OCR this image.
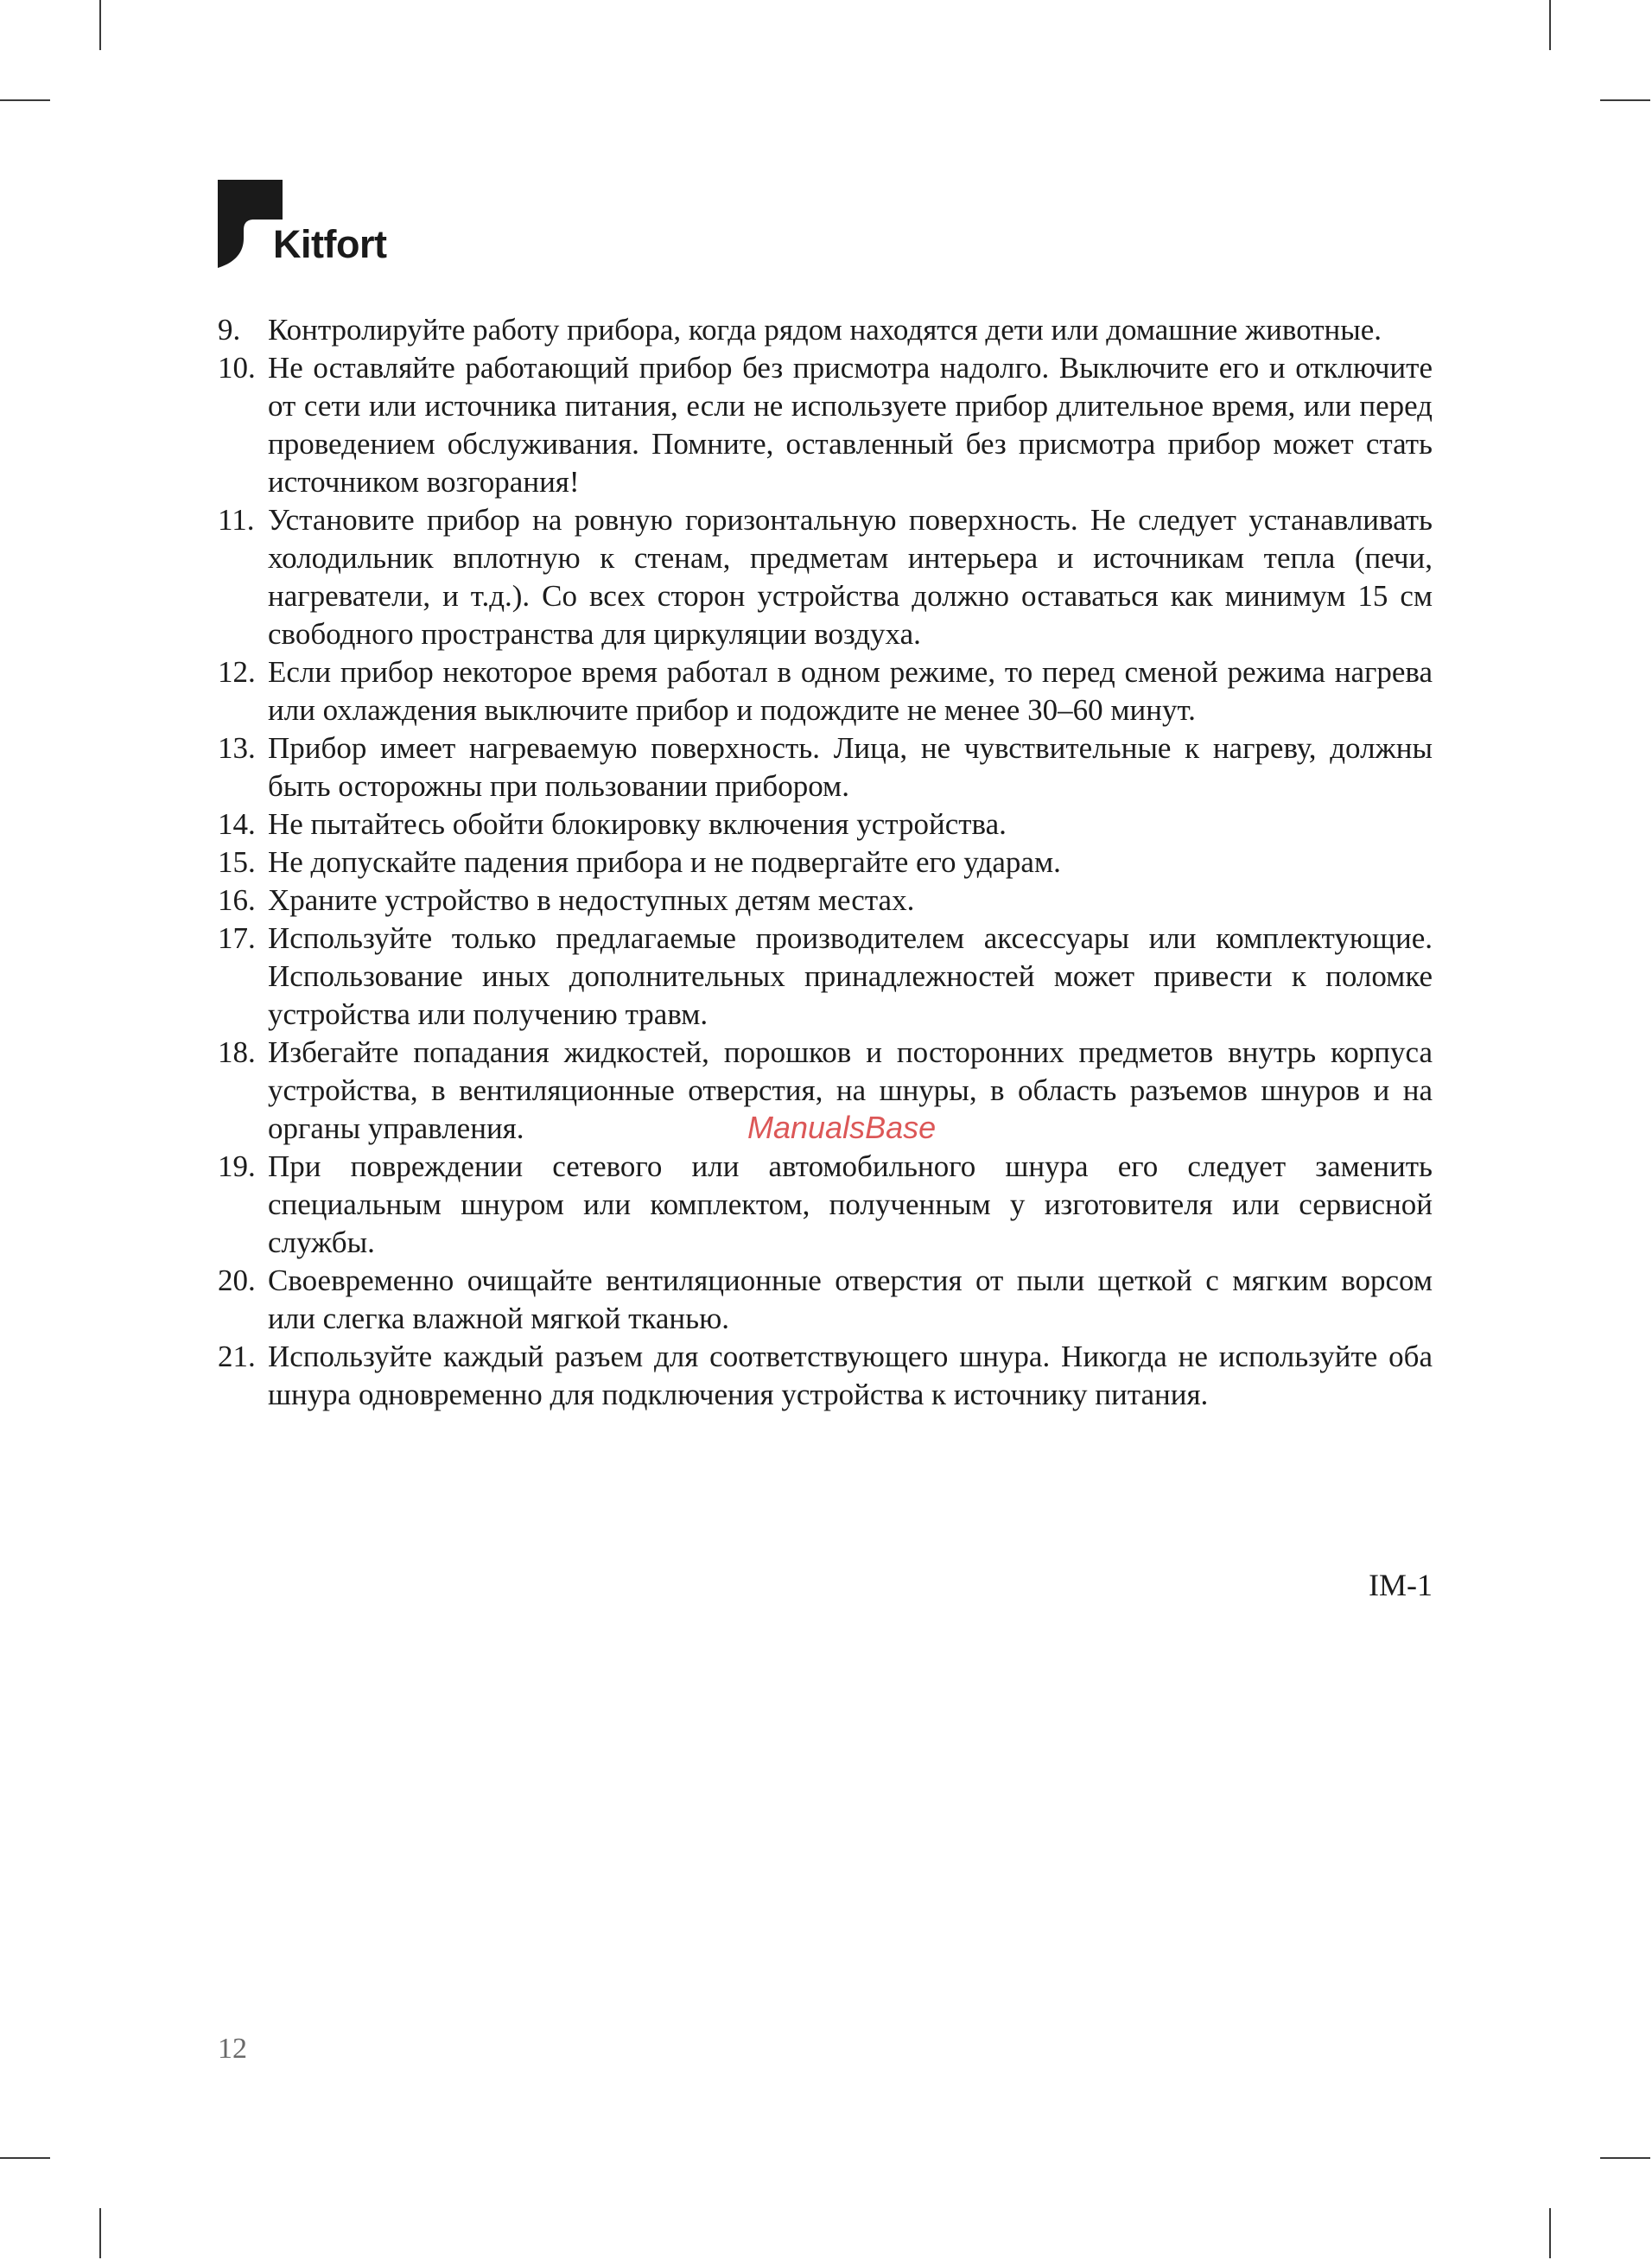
Kitfort
9. Контролируйте работу прибора, когда рядом находятся дети или домашние животные.
10. Не оставляйте работающий прибор без присмотра надолго. Выключите его и отключите от сети или источника питания, если не используете прибор длительное время, или перед проведением обслуживания. Помните, оставленный без присмотра прибор может стать источником возгорания!
11. Установите прибор на ровную горизонтальную поверхность. Не следует устанавливать холодильник вплотную к стенам, предметам интерьера и источникам тепла (печи, нагреватели, и т.д.). Со всех сторон устройства должно оставаться как минимум 15 см свободного пространства для циркуляции воздуха.
12. Если прибор некоторое время работал в одном режиме, то перед сменой режима нагрева или охлаждения выключите прибор и подождите не менее 30–60 минут.
13. Прибор имеет нагреваемую поверхность. Лица, не чувствительные к нагреву, должны быть осторожны при пользовании прибором.
14. Не пытайтесь обойти блокировку включения устройства.
15. Не допускайте падения прибора и не подвергайте его ударам.
16. Храните устройство в недоступных детям местах.
17. Используйте только предлагаемые производителем аксессуары или комплектующие. Использование иных дополнительных принадлежностей может привести к поломке устройства или получению травм.
18. Избегайте попадания жидкостей, порошков и посторонних предметов внутрь корпуса устройства, в вентиляционные отверстия, на шнуры, в область разъемов шнуров и на органы управления.
19. При повреждении сетевого или автомобильного шнура его следует заменить специальным шнуром или комплектом, полученным у изготовителя или сервисной службы.
20. Своевременно очищайте вентиляционные отверстия от пыли щеткой с мягким ворсом или слегка влажной мягкой тканью.
21. Используйте каждый разъем для соответствующего шнура. Никогда не используйте оба шнура одновременно для подключения устройства к источнику питания.
ManualsBase
IM-1
12
